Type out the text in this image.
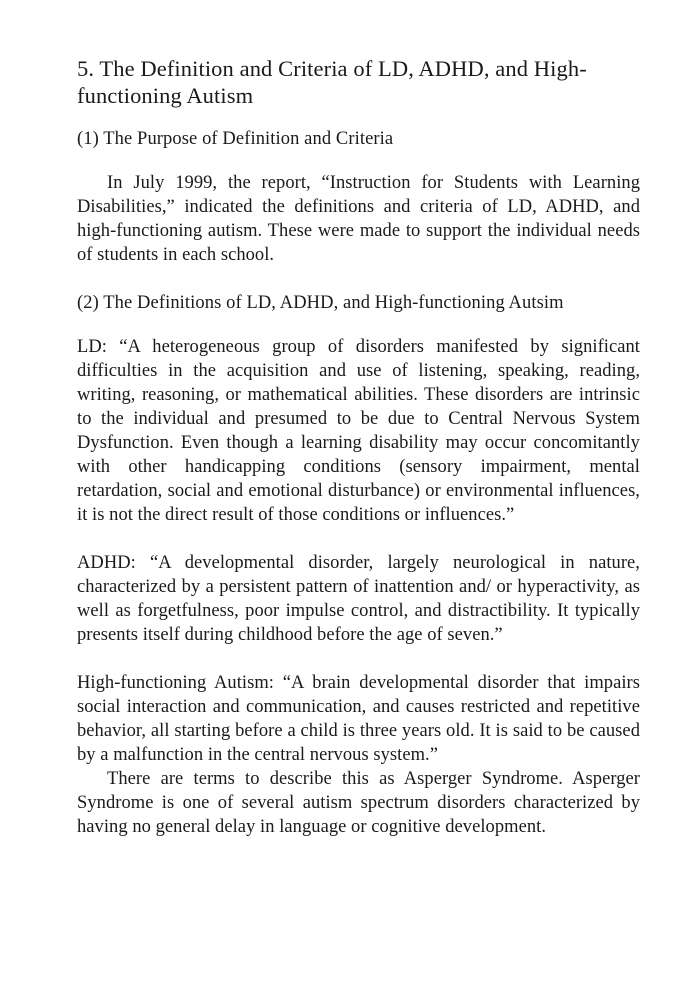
5. The Definition and Criteria of LD, ADHD, and High-functioning Autism
(1) The Purpose of Definition and Criteria

In July 1999, the report, “Instruction for Students with Learning Disabilities,” indicated the definitions and criteria of LD, ADHD, and high-functioning autism. These were made to support the individual needs of students in each school.

(2) The Definitions of LD, ADHD, and High-functioning Autsim

LD: “A heterogeneous group of disorders manifested by significant difficulties in the acquisition and use of listening, speaking, reading, writing, reasoning, or mathematical abilities. These disorders are intrinsic to the individual and presumed to be due to Central Nervous System Dysfunction. Even though a learning disability may occur concomitantly with other handicapping conditions (sensory impairment, mental retardation, social and emotional disturbance) or environmental influences, it is not the direct result of those conditions or influences.”

ADHD: “A developmental disorder, largely neurological in nature, characterized by a persistent pattern of inattention and/ or hyperactivity, as well as forgetfulness, poor impulse control, and distractibility. It typically presents itself during childhood before the age of seven.”

High-functioning Autism: “A brain developmental disorder that impairs social interaction and communication, and causes restricted and repetitive behavior, all starting before a child is three years old. It is said to be caused by a malfunction in the central nervous system.”

There are terms to describe this as Asperger Syndrome. Asperger Syndrome is one of several autism spectrum disorders characterized by having no general delay in language or cognitive development.
